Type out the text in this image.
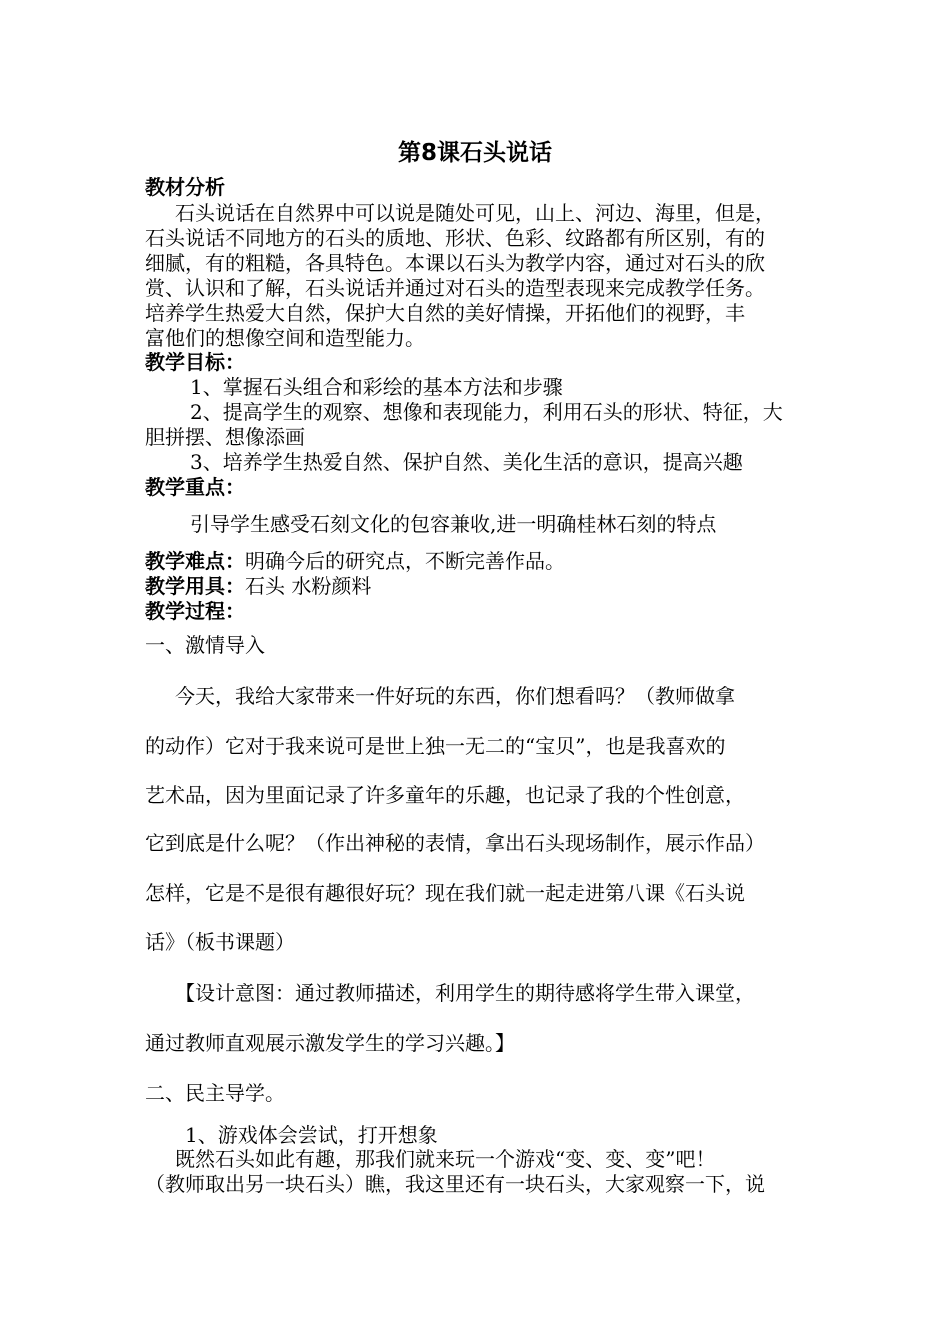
第8课石头说话
教材分析
石头说话在自然界中可以说是随处可见，山上、河边、海里，但是，
石头说话不同地方的石头的质地、形状、色彩、纹路都有所区别，有的
细腻，有的粗糙，各具特色。本课以石头为教学内容，通过对石头的欣
赏、认识和了解，石头说话并通过对石头的造型表现来完成教学任务。
培养学生热爱大自然，保护大自然的美好情操，开拓他们的视野，丰
富他们的想像空间和造型能力。
教学目标：
1、掌握石头组合和彩绘的基本方法和步骤
2、提高学生的观察、想像和表现能力，利用石头的形状、特征，大
胆拼摆、想像添画
3、培养学生热爱自然、保护自然、美化生活的意识，提高兴趣
教学重点：
引导学生感受石刻文化的包容兼收,进一明确桂林石刻的特点
教学难点：明确今后的研究点，不断完善作品。
教学用具：石头 水粉颜料
教学过程：
一、激情导入
今天，我给大家带来一件好玩的东西，你们想看吗？（教师做拿
的动作）它对于我来说可是世上独一无二的“宝贝”，也是我喜欢的
艺术品，因为里面记录了许多童年的乐趣，也记录了我的个性创意，
它到底是什么呢？（作出神秘的表情，拿出石头现场制作，展示作品）
怎样，它是不是很有趣很好玩？现在我们就一起走进第八课《石头说
话》（板书课题）
【设计意图：通过教师描述，利用学生的期待感将学生带入课堂，
通过教师直观展示激发学生的学习兴趣。】
二、民主导学。
1、游戏体会尝试，打开想象
既然石头如此有趣，那我们就来玩一个游戏“变、变、变”吧！
（教师取出另一块石头）瞧，我这里还有一块石头，大家观察一下，说
